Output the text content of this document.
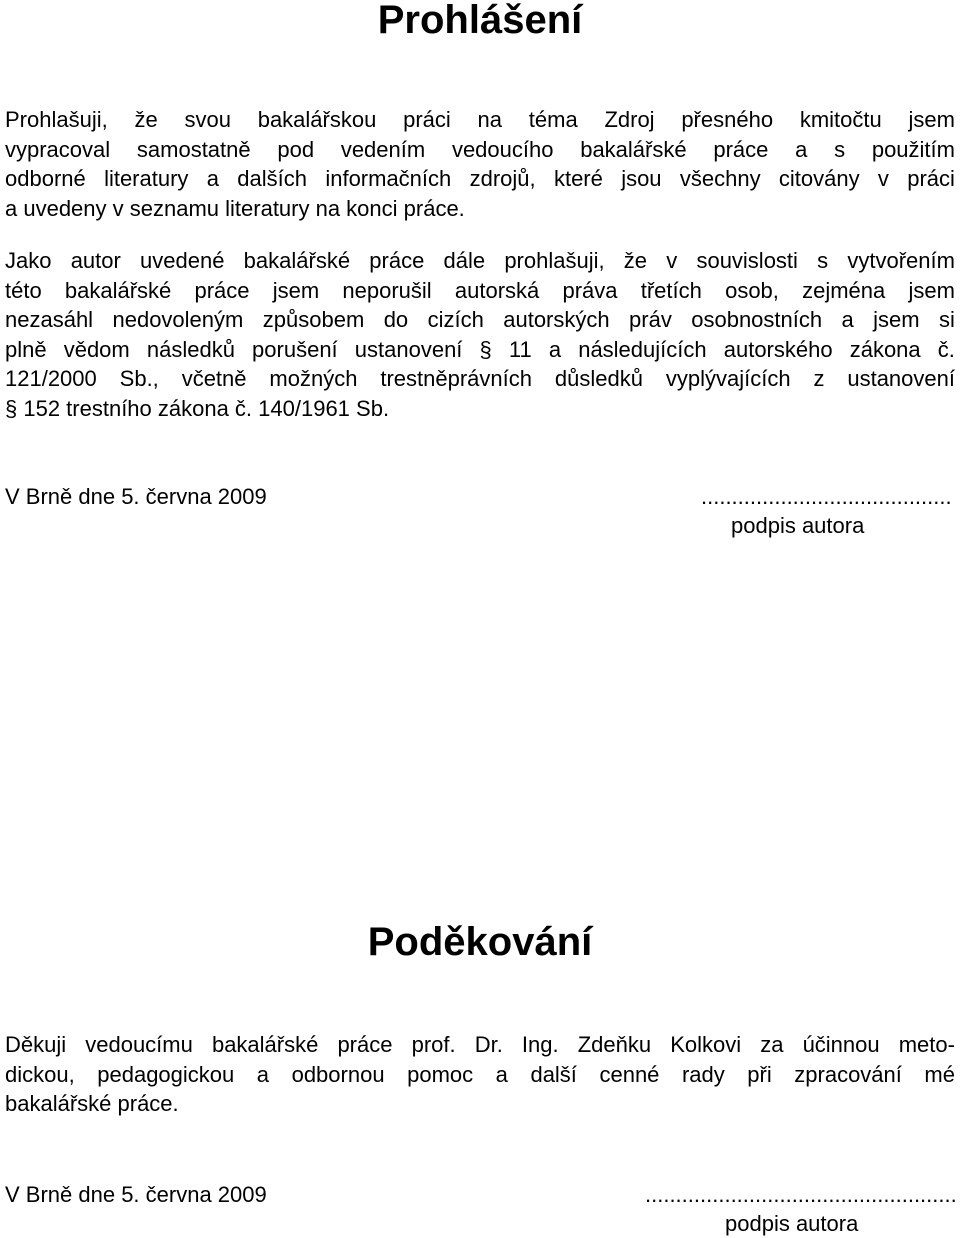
Prohlášení
Prohlašuji, že svou bakalářskou práci na téma Zdroj přesného kmitočtu jsem
vypracoval samostatně pod vedením vedoucího bakalářské práce a s použitím
odborné literatury a dalších informačních zdrojů, které jsou všechny citovány v práci
a uvedeny v seznamu literatury na konci práce.
Jako autor uvedené bakalářské práce dále prohlašuji, že v souvislosti s vytvořením
této bakalářské práce jsem neporušil autorská práva třetích osob, zejména jsem
nezasáhl nedovoleným způsobem do cizích autorských práv osobnostních a jsem si
plně vědom následků porušení ustanovení § 11 a následujících autorského zákona č.
121/2000 Sb., včetně možných trestněprávních důsledků vyplývajících z ustanovení
§ 152 trestního zákona č. 140/1961 Sb.
V Brně dne 5. června 2009	.........................................
podpis autora
Poděkování
Děkuji vedoucímu bakalářské práce prof. Dr. Ing. Zdeňku Kolkovi za účinnou meto-
dickou, pedagogickou a odbornou pomoc a další cenné rady při zpracování mé
bakalářské práce.
V Brně dne 5. června 2009	...................................................
podpis autora
